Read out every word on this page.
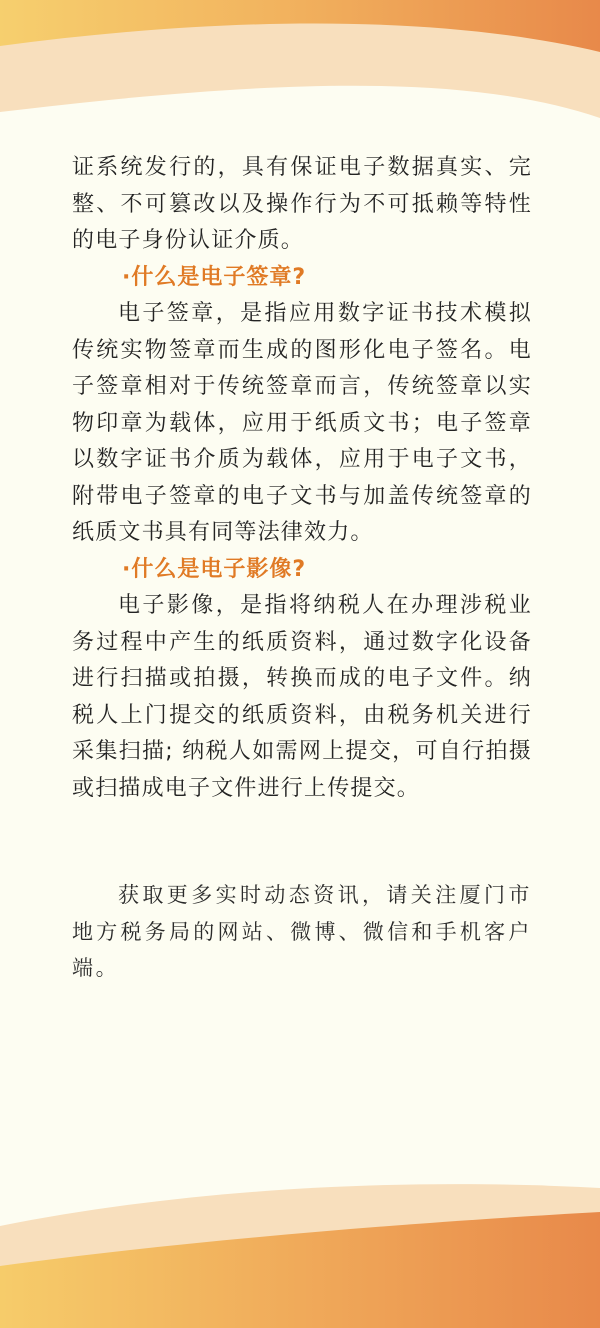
证系统发行的，具有保证电子数据真实、完整、不可篡改以及操作行为不可抵赖等特性的电子身份认证介质。

·什么是电子签章?

电子签章，是指应用数字证书技术模拟传统实物签章而生成的图形化电子签名。电子签章相对于传统签章而言，传统签章以实物印章为载体，应用于纸质文书；电子签章以数字证书介质为载体，应用于电子文书，附带电子签章的电子文书与加盖传统签章的纸质文书具有同等法律效力。

·什么是电子影像?

电子影像，是指将纳税人在办理涉税业务过程中产生的纸质资料，通过数字化设备进行扫描或拍摄，转换而成的电子文件。纳税人上门提交的纸质资料，由税务机关进行采集扫描; 纳税人如需网上提交，可自行拍摄或扫描成电子文件进行上传提交。

获取更多实时动态资讯，请关注厦门市地方税务局的网站、微博、微信和手机客户端。
